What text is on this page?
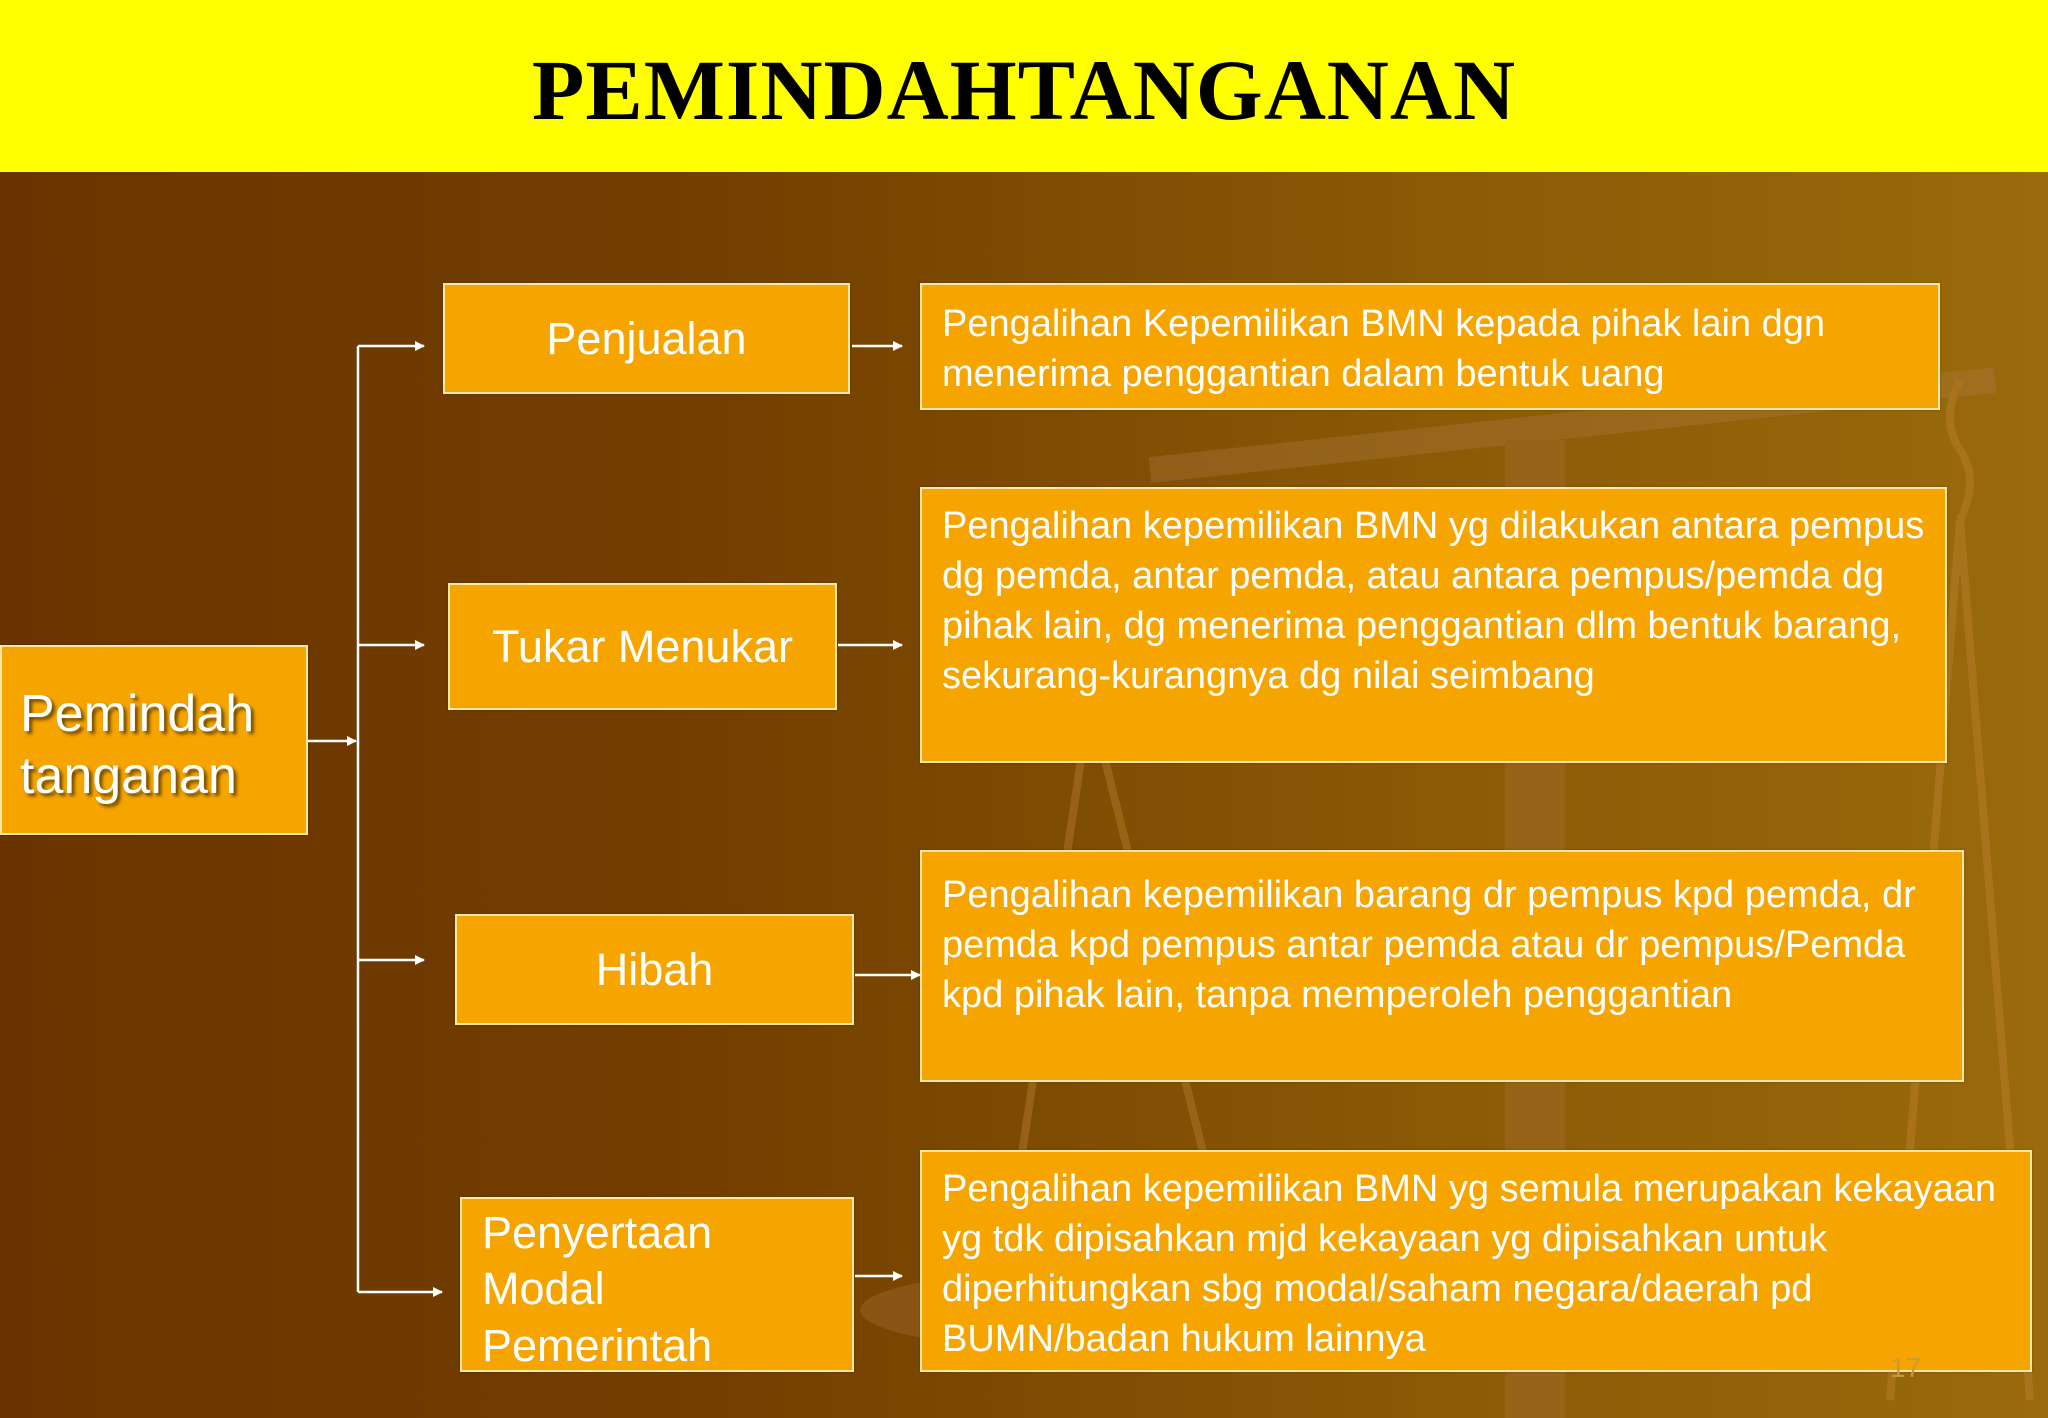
PEMINDAHTANGANAN
Pemindah
tanganan
Penjualan
Tukar Menukar
Hibah
Penyertaan
Modal
Pemerintah
Pengalihan Kepemilikan BMN kepada pihak lain dgn menerima penggantian dalam bentuk uang
Pengalihan kepemilikan BMN yg dilakukan antara pempus dg pemda, antar pemda, atau antara pempus/pemda dg pihak lain, dg menerima penggantian dlm bentuk barang, sekurang-kurangnya dg nilai seimbang
Pengalihan kepemilikan barang dr pempus kpd pemda, dr pemda kpd pempus antar pemda atau dr pempus/Pemda kpd pihak lain, tanpa memperoleh penggantian
Pengalihan kepemilikan BMN yg semula merupakan kekayaan yg tdk dipisahkan mjd kekayaan yg dipisahkan untuk diperhitungkan sbg modal/saham negara/daerah pd BUMN/badan hukum lainnya
17
